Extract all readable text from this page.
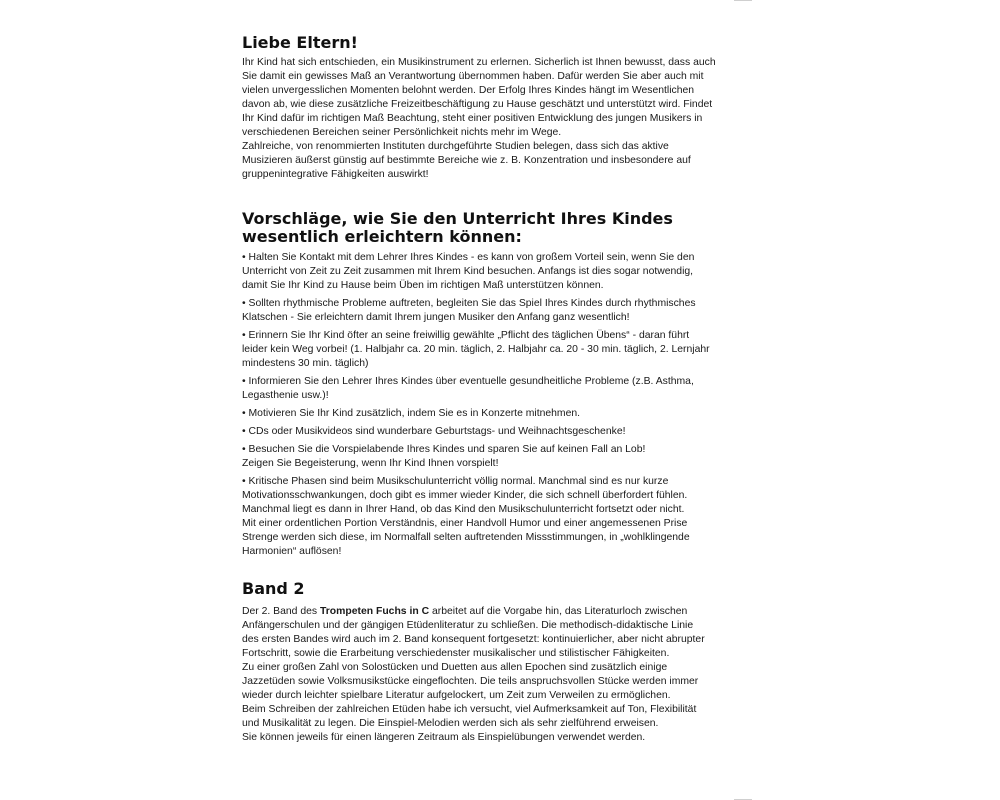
Liebe Eltern!
Ihr Kind hat sich entschieden, ein Musikinstrument zu erlernen. Sicherlich ist Ihnen bewusst, dass auch
Sie damit ein gewisses Maß an Verantwortung übernommen haben. Dafür werden Sie aber auch mit
vielen unvergesslichen Momenten belohnt werden. Der Erfolg Ihres Kindes hängt im Wesentlichen
davon ab, wie diese zusätzliche Freizeitbeschäftigung zu Hause geschätzt und unterstützt wird. Findet
Ihr Kind dafür im richtigen Maß Beachtung, steht einer positiven Entwicklung des jungen Musikers in
verschiedenen Bereichen seiner Persönlichkeit nichts mehr im Wege.
Zahlreiche, von renommierten Instituten durchgeführte Studien belegen, dass sich das aktive
Musizieren äußerst günstig auf bestimmte Bereiche wie z. B. Konzentration und insbesondere auf
gruppenintegrative Fähigkeiten auswirkt!
Vorschläge, wie Sie den Unterricht Ihres Kindes
wesentlich erleichtern können:
• Halten Sie Kontakt mit dem Lehrer Ihres Kindes - es kann von großem Vorteil sein, wenn Sie den
Unterricht von Zeit zu Zeit zusammen mit Ihrem Kind besuchen. Anfangs ist dies sogar notwendig,
damit Sie Ihr Kind zu Hause beim Üben im richtigen Maß unterstützen können.
• Sollten rhythmische Probleme auftreten, begleiten Sie das Spiel Ihres Kindes durch rhythmisches
Klatschen - Sie erleichtern damit Ihrem jungen Musiker den Anfang ganz wesentlich!
• Erinnern Sie Ihr Kind öfter an seine freiwillig gewählte „Pflicht des täglichen Übens“ - daran führt
leider kein Weg vorbei! (1. Halbjahr ca. 20 min. täglich, 2. Halbjahr ca. 20 - 30 min. täglich, 2. Lernjahr
mindestens 30 min. täglich)
• Informieren Sie den Lehrer Ihres Kindes über eventuelle gesundheitliche Probleme (z.B. Asthma,
Legasthenie usw.)!
• Motivieren Sie Ihr Kind zusätzlich, indem Sie es in Konzerte mitnehmen.
• CDs oder Musikvideos sind wunderbare Geburtstags- und Weihnachtsgeschenke!
• Besuchen Sie die Vorspielabende Ihres Kindes und sparen Sie auf keinen Fall an Lob!
Zeigen Sie Begeisterung, wenn Ihr Kind Ihnen vorspielt!
• Kritische Phasen sind beim Musikschulunterricht völlig normal. Manchmal sind es nur kurze
Motivationsschwankungen, doch gibt es immer wieder Kinder, die sich schnell überfordert fühlen.
Manchmal liegt es dann in Ihrer Hand, ob das Kind den Musikschulunterricht fortsetzt oder nicht.
Mit einer ordentlichen Portion Verständnis, einer Handvoll Humor und einer angemessenen Prise
Strenge werden sich diese, im Normalfall selten auftretenden Missstimmungen, in „wohlklingende
Harmonien“ auflösen!
Band 2
Der 2. Band des Trompeten Fuchs in C arbeitet auf die Vorgabe hin, das Literaturloch zwischen
Anfängerschulen und der gängigen Etüdenliteratur zu schließen. Die methodisch-didaktische Linie
des ersten Bandes wird auch im 2. Band konsequent fortgesetzt: kontinuierlicher, aber nicht abrupter
Fortschritt, sowie die Erarbeitung verschiedenster musikalischer und stilistischer Fähigkeiten.
Zu einer großen Zahl von Solostücken und Duetten aus allen Epochen sind zusätzlich einige
Jazzetüden sowie Volksmusikstücke eingeflochten. Die teils anspruchsvollen Stücke werden immer
wieder durch leichter spielbare Literatur aufgelockert, um Zeit zum Verweilen zu ermöglichen.
Beim Schreiben der zahlreichen Etüden habe ich versucht, viel Aufmerksamkeit auf Ton, Flexibilität
und Musikalität zu legen. Die Einspiel-Melodien werden sich als sehr zielführend erweisen.
Sie können jeweils für einen längeren Zeitraum als Einspielübungen verwendet werden.
